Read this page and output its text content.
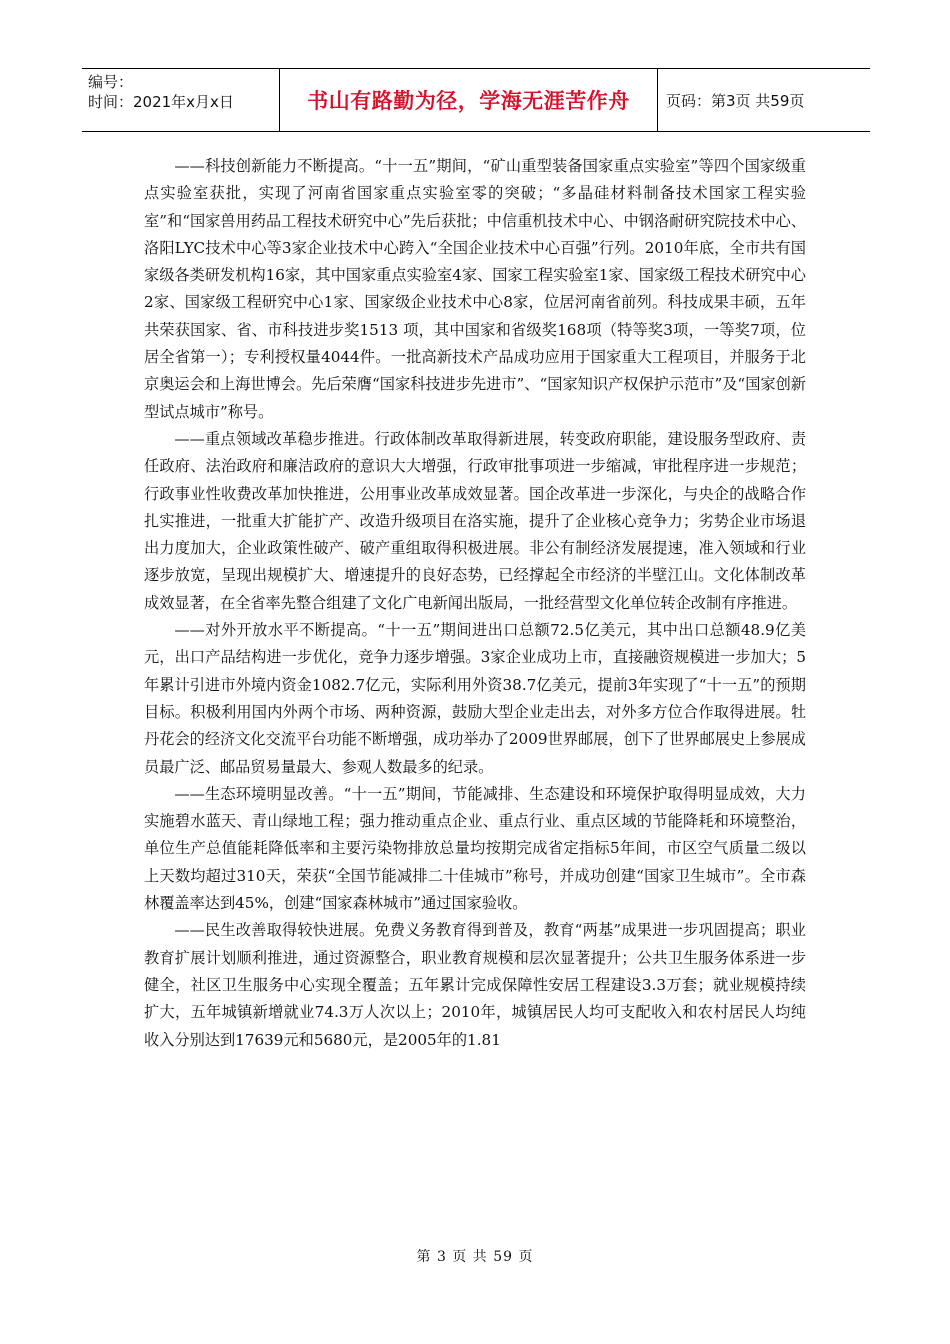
编号：
时间：2021年x月x日	书山有路勤为径，学海无涯苦作舟 页码：第3页 共59页

——科技创新能力不断提高。“十一五”期间，“矿山重型装备国家重点实验室”等四个国家级重点实验室获批，实现了河南省国家重点实验室零的突破；“多晶硅材料制备技术国家工程实验室”和“国家兽用药品工程技术研究中心”先后获批；中信重机技术中心、中钢洛耐研究院技术中心、洛阳LYC技术中心等3家企业技术中心跨入“全国企业技术中心百强”行列。2010年底，全市共有国家级各类研发机构16家，其中国家重点实验室4家、国家工程实验室1家、国家级工程技术研究中心2家、国家级工程研究中心1家、国家级企业技术中心8家，位居河南省前列。科技成果丰硕，五年共荣获国家、省、市科技进步奖1513 项，其中国家和省级奖168项（特等奖3项，一等奖7项，位居全省第一）；专利授权量4044件。一批高新技术产品成功应用于国家重大工程项目，并服务于北京奥运会和上海世博会。先后荣膺“国家科技进步先进市”、“国家知识产权保护示范市”及“国家创新型试点城市”称号。

——重点领域改革稳步推进。行政体制改革取得新进展，转变政府职能，建设服务型政府、责任政府、法治政府和廉洁政府的意识大大增强，行政审批事项进一步缩减，审批程序进一步规范；行政事业性收费改革加快推进，公用事业改革成效显著。国企改革进一步深化，与央企的战略合作扎实推进，一批重大扩能扩产、改造升级项目在洛实施，提升了企业核心竞争力；劣势企业市场退出力度加大，企业政策性破产、破产重组取得积极进展。非公有制经济发展提速，准入领域和行业逐步放宽，呈现出规模扩大、增速提升的良好态势，已经撑起全市经济的半壁江山。文化体制改革成效显著，在全省率先整合组建了文化广电新闻出版局，一批经营型文化单位转企改制有序推进。

——对外开放水平不断提高。“十一五”期间进出口总额72.5亿美元，其中出口总额48.9亿美元，出口产品结构进一步优化，竞争力逐步增强。3家企业成功上市，直接融资规模进一步加大；5年累计引进市外境内资金1082.7亿元，实际利用外资38.7亿美元，提前3年实现了“十一五”的预期目标。积极利用国内外两个市场、两种资源，鼓励大型企业走出去，对外多方位合作取得进展。牡丹花会的经济文化交流平台功能不断增强，成功举办了2009世界邮展，创下了世界邮展史上参展成员最广泛、邮品贸易量最大、参观人数最多的纪录。

——生态环境明显改善。“十一五”期间，节能减排、生态建设和环境保护取得明显成效，大力实施碧水蓝天、青山绿地工程；强力推动重点企业、重点行业、重点区域的节能降耗和环境整治，单位生产总值能耗降低率和主要污染物排放总量均按期完成省定指标5年间，市区空气质量二级以上天数均超过310天，荣获“全国节能减排二十佳城市”称号，并成功创建“国家卫生城市”。全市森林覆盖率达到45%，创建“国家森林城市”通过国家验收。

——民生改善取得较快进展。免费义务教育得到普及，教育“两基”成果进一步巩固提高；职业教育扩展计划顺利推进，通过资源整合，职业教育规模和层次显著提升；公共卫生服务体系进一步健全，社区卫生服务中心实现全覆盖；五年累计完成保障性安居工程建设3.3万套；就业规模持续扩大，五年城镇新增就业74.3万人次以上；2010年，城镇居民人均可支配收入和农村居民人均纯收入分别达到17639元和5680元，是2005年的1.81

第 3 页 共 59 页
